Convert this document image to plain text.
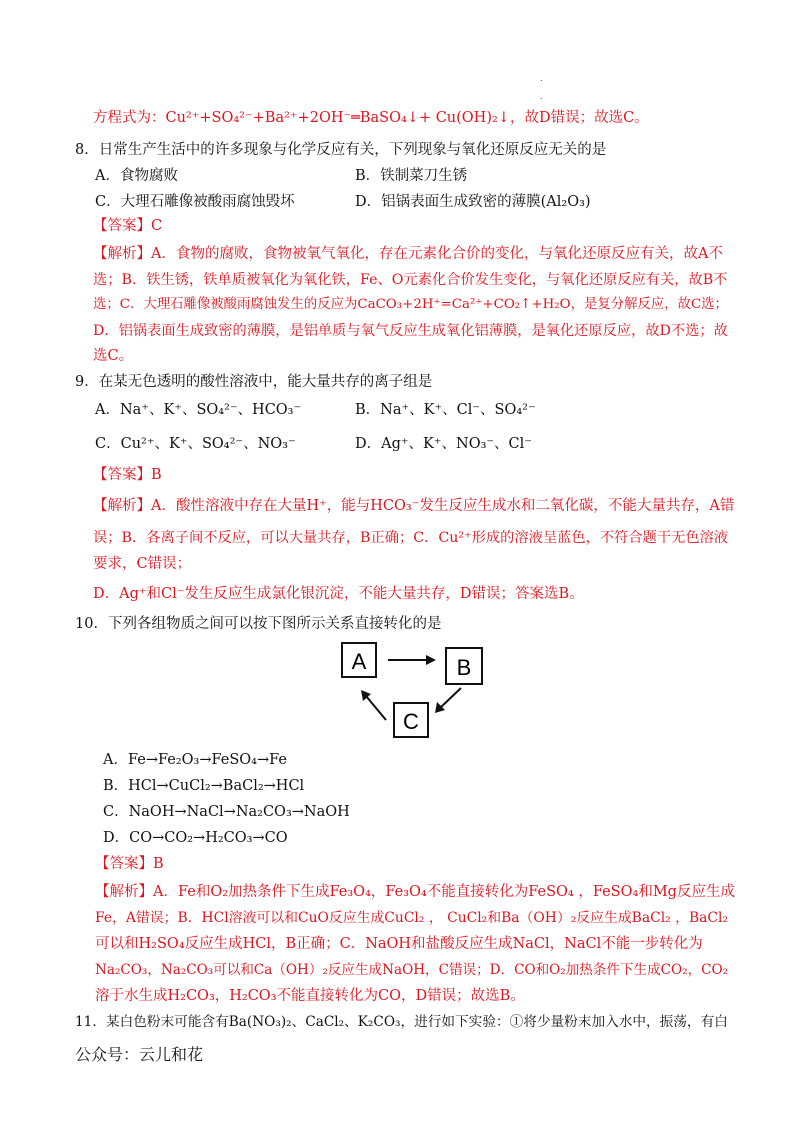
.

.
方程式为：Cu²⁺+SO₄²⁻+Ba²⁺+2OH⁻═BaSO₄↓+ Cu(OH)₂↓，故D错误；故选C。
8．日常生产生活中的许多现象与化学反应有关，下列现象与氧化还原反应无关的是
A．食物腐败	B．铁制菜刀生锈
C．大理石雕像被酸雨腐蚀毁坏	D．铝锅表面生成致密的薄膜(Al₂O₃)
【答案】C
【解析】A．食物的腐败，食物被氧气氧化，存在元素化合价的变化，与氧化还原反应有关，故A不
选；B．铁生锈，铁单质被氧化为氧化铁，Fe、O元素化合价发生变化，与氧化还原反应有关，故B不
选；C．大理石雕像被酸雨腐蚀发生的反应为CaCO₃+2H⁺=Ca²⁺+CO₂↑+H₂O，是复分解反应，故C选；
D．铝锅表面生成致密的薄膜，是铝单质与氧气反应生成氧化铝薄膜，是氧化还原反应，故D不选；故
选C。
9．在某无色透明的酸性溶液中，能大量共存的离子组是
A．Na⁺、K⁺、SO₄²⁻、HCO₃⁻	B．Na⁺、K⁺、Cl⁻、SO₄²⁻
C．Cu²⁺、K⁺、SO₄²⁻、NO₃⁻	D．Ag⁺、K⁺、NO₃⁻、Cl⁻
【答案】B
【解析】A．酸性溶液中存在大量H⁺，能与HCO₃⁻发生反应生成水和二氧化碳，不能大量共存，A错
误；B．各离子间不反应，可以大量共存，B正确；C．Cu²⁺形成的溶液呈蓝色，不符合题干无色溶液
要求，C错误；
D．Ag⁺和Cl⁻发生反应生成氯化银沉淀，不能大量共存，D错误；答案选B。
10．下列各组物质之间可以按下图所示关系直接转化的是
A	B
C
A．Fe→Fe₂O₃→FeSO₄→Fe
B．HCl→CuCl₂→BaCl₂→HCl
C．NaOH→NaCl→Na₂CO₃→NaOH
D．CO→CO₂→H₂CO₃→CO
【答案】B
【解析】A．Fe和O₂加热条件下生成Fe₃O₄，Fe₃O₄不能直接转化为FeSO₄ ，FeSO₄和Mg反应生成
Fe，A错误；B．HCl溶液可以和CuO反应生成CuCl₂ ， CuCl₂和Ba（OH）₂反应生成BaCl₂ ，BaCl₂
可以和H₂SO₄反应生成HCl，B正确；C．NaOH和盐酸反应生成NaCl，NaCl不能一步转化为
Na₂CO₃，Na₂CO₃可以和Ca（OH）₂反应生成NaOH，C错误；D．CO和O₂加热条件下生成CO₂，CO₂
溶于水生成H₂CO₃，H₂CO₃不能直接转化为CO，D错误；故选B。
11．某白色粉末可能含有Ba(NO₃)₂、CaCl₂、K₂CO₃，进行如下实验：①将少量粉末加入水中，振荡，有白
公众号：云儿和花
